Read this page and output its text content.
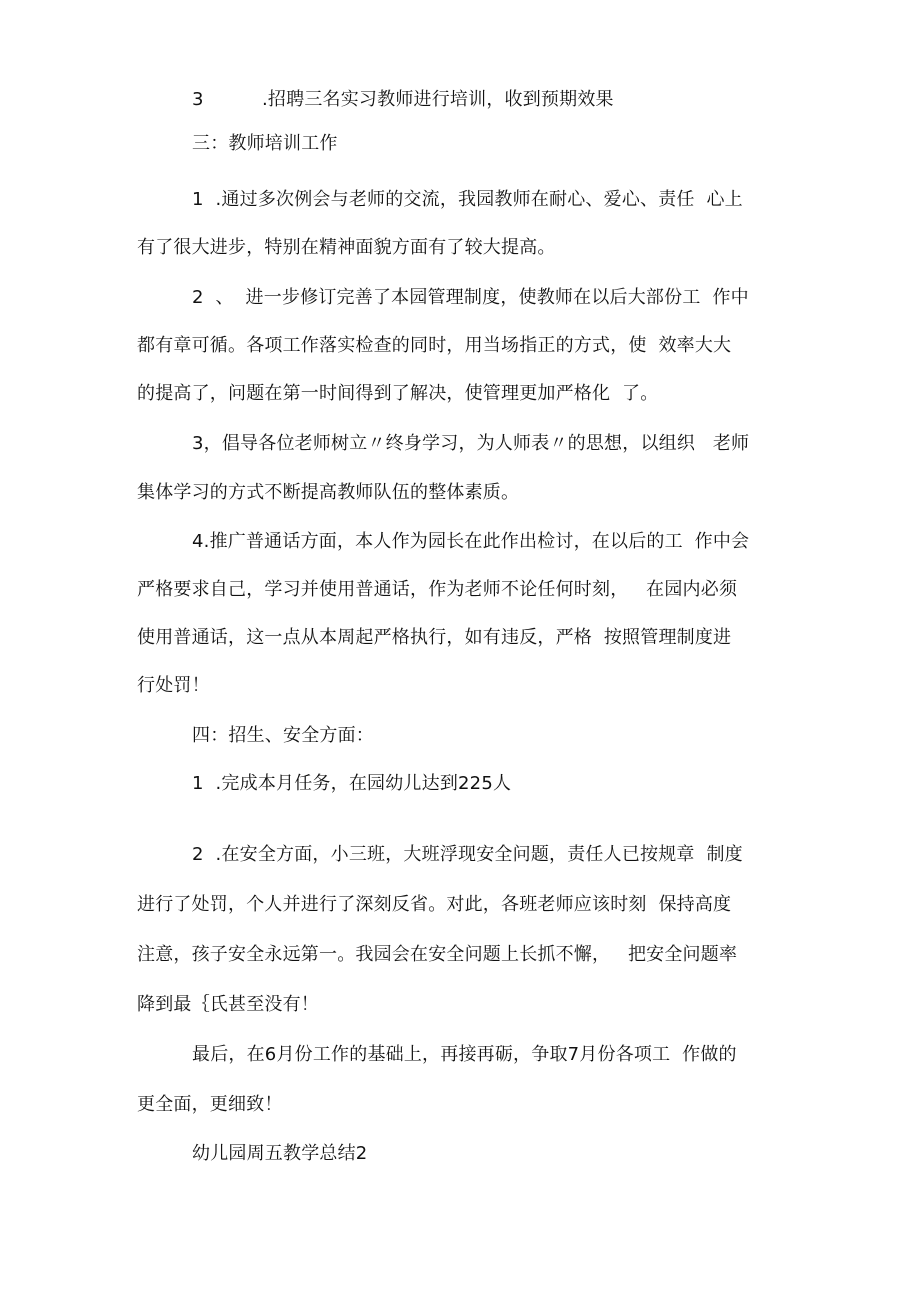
3	.招聘三名实习教师进行培训，收到预期效果

三：教师培训工作

1  .通过多次例会与老师的交流，我园教师在耐心、爱心、责任  心上

有了很大进步，特别在精神面貌方面有了较大提高。

2  、  进一步修订完善了本园管理制度，使教师在以后大部份工  作中

都有章可循。各项工作落实检查的同时，用当场指正的方式，使  效率大大

的提高了，问题在第一时间得到了解决，使管理更加严格化  了。

3，倡导各位老师树立〃终身学习，为人师表〃的思想，以组织   老师

集体学习的方式不断提高教师队伍的整体素质。

4.推广普通话方面，本人作为园长在此作出检讨，在以后的工  作中会

严格要求自己，学习并使用普通话，作为老师不论任何时刻，   在园内必须

使用普通话，这一点从本周起严格执行，如有违反，严格  按照管理制度进

行处罚！

四：招生、安全方面：

1  .完成本月任务，在园幼儿达到225人

2  .在安全方面，小三班，大班浮现安全问题，责任人已按规章  制度

进行了处罚，个人并进行了深刻反省。对此，各班老师应该时刻  保持高度

注意，孩子安全永远第一。我园会在安全问题上长抓不懈，   把安全问题率

降到最｛氏甚至没有！

最后，在6月份工作的基础上，再接再砺，争取7月份各项工  作做的

更全面，更细致！

幼儿园周五教学总结2
